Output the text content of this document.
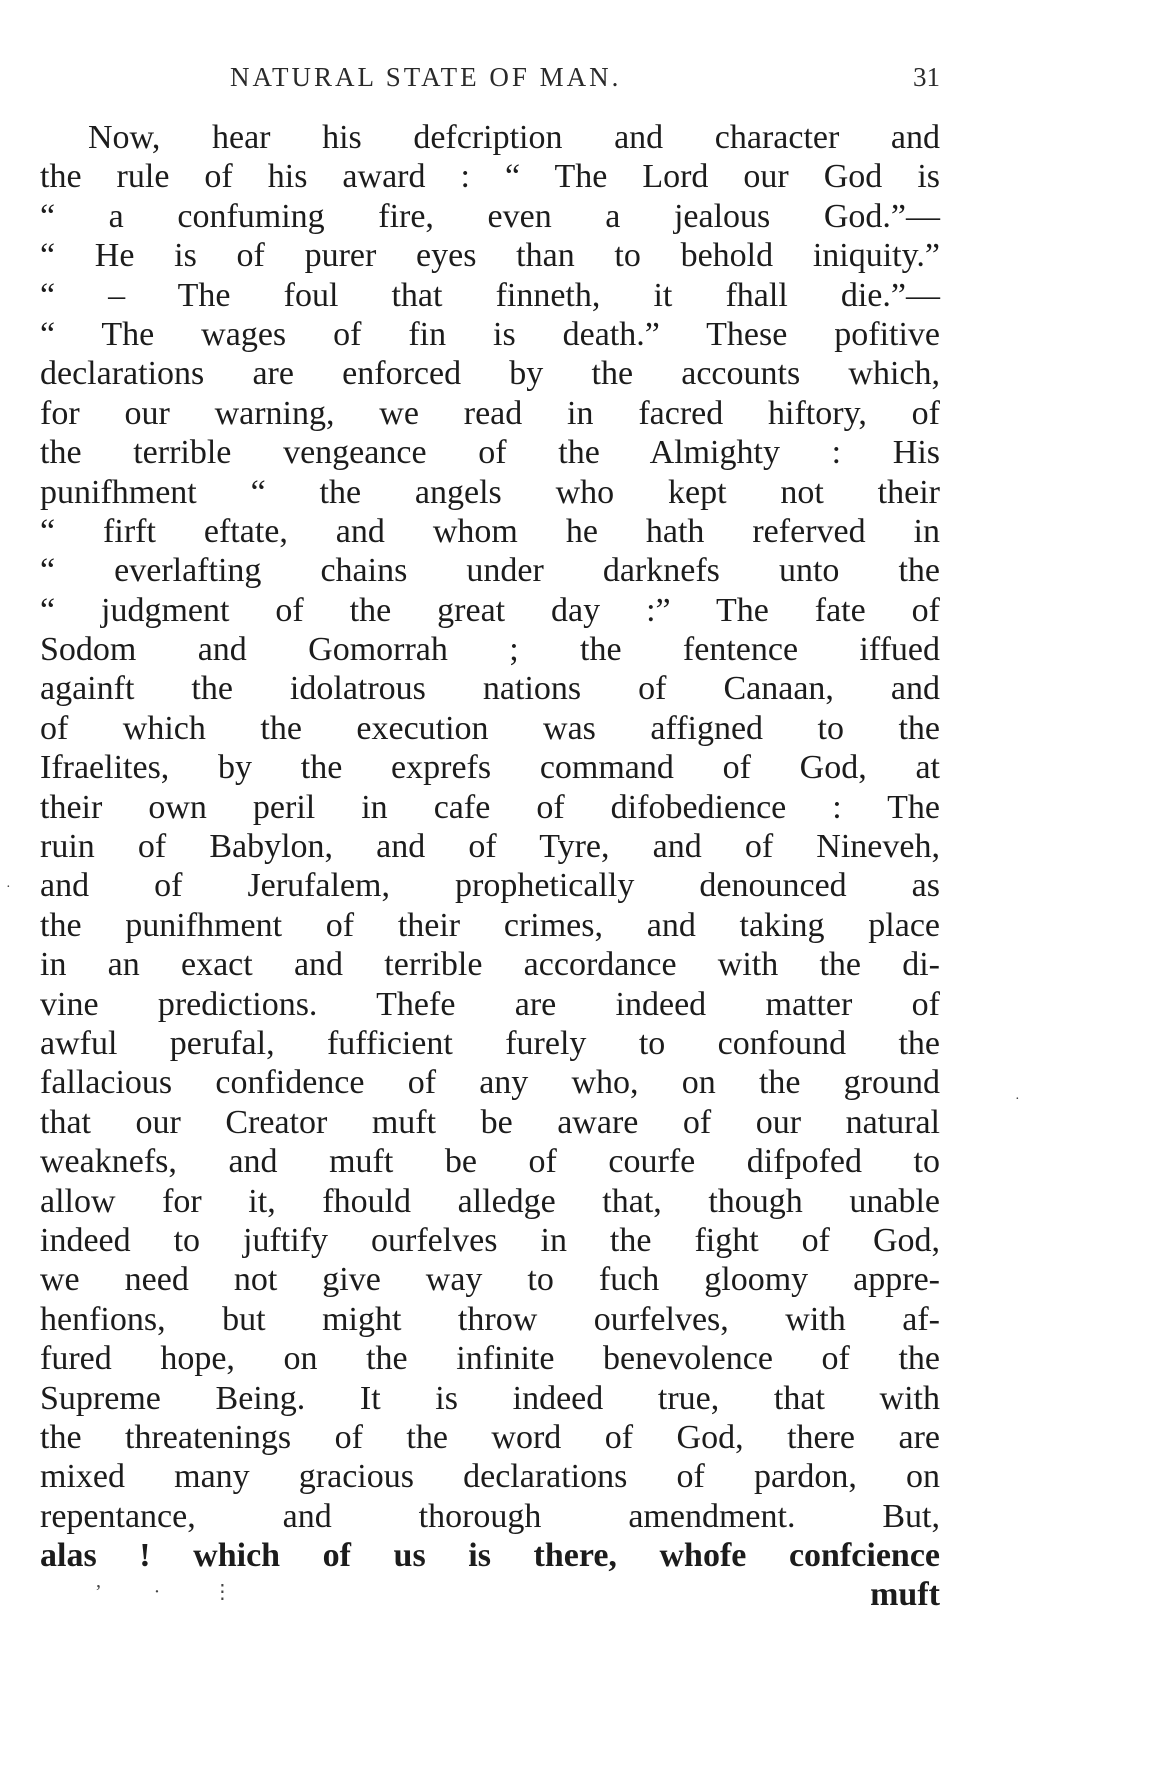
NATURAL STATE OF MAN.	31
Now, hear his defcription and character and
the rule of his award : “ The Lord our God is
“ a confuming fire, even a jealous God.”—
“ He is of purer eyes than to behold iniquity.”
“ – The foul that finneth, it fhall die.”—
“ The wages of fin is death.” These pofitive
declarations are enforced by the accounts which,
for our warning, we read in facred hiftory, of
the terrible vengeance of the Almighty : His
punifhment “ the angels who kept not their
“ firft eftate, and whom he hath referved in
“ everlafting chains under darknefs unto the
“ judgment of the great day :” The fate of
Sodom and Gomorrah ; the fentence iffued
againft the idolatrous nations of Canaan, and
of which the execution was affigned to the
Ifraelites, by the exprefs command of God, at
their own peril in cafe of difobedience : The
ruin of Babylon, and of Tyre, and of Nineveh,
and of Jerufalem, prophetically denounced as
the punifhment of their crimes, and taking place
in an exact and terrible accordance with the di-
vine predictions. Thefe are indeed matter of
awful perufal, fufficient furely to confound the
fallacious confidence of any who, on the ground
that our Creator muft be aware of our natural
weaknefs, and muft be of courfe difpofed to
allow for it, fhould alledge that, though unable
indeed to juftify ourfelves in the fight of God,
we need not give way to fuch gloomy appre-
henfions, but might throw ourfelves, with af-
fured hope, on the infinite benevolence of the
Supreme Being. It is indeed true, that with
the threatenings of the word of God, there are
mixed many gracious declarations of pardon, on
repentance, and thorough amendment. But,
alas ! which of us is there, whofe confcience
’·⋮	muft
·
·
